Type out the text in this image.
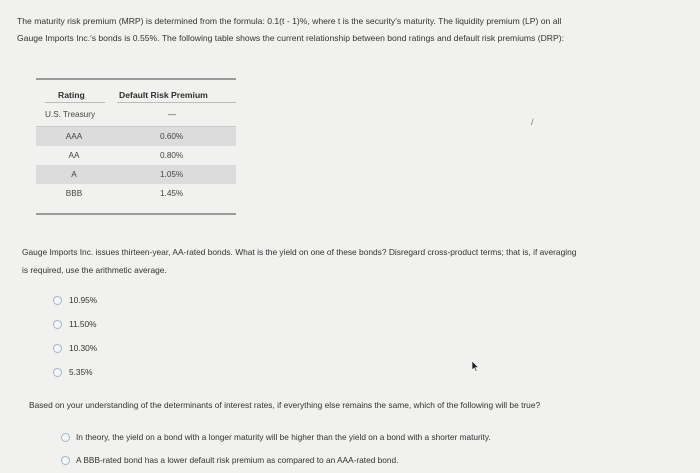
The maturity risk premium (MRP) is determined from the formula: 0.1(t - 1)%, where t is the security's maturity. The liquidity premium (LP) on all
Gauge Imports Inc.'s bonds is 0.55%. The following table shows the current relationship between bond ratings and default risk premiums (DRP):
Rating	Default Risk Premium
U.S. Treasury	—
AAA	0.60%
AA	0.80%
A	1.05%
BBB	1.45%
/
Gauge Imports Inc. issues thirteen-year, AA-rated bonds. What is the yield on one of these bonds? Disregard cross-product terms; that is, if averaging
is required, use the arithmetic average.
10.95%
11.50%
10.30%
5.35%
Based on your understanding of the determinants of interest rates, if everything else remains the same, which of the following will be true?
In theory, the yield on a bond with a longer maturity will be higher than the yield on a bond with a shorter maturity.
A BBB-rated bond has a lower default risk premium as compared to an AAA-rated bond.
